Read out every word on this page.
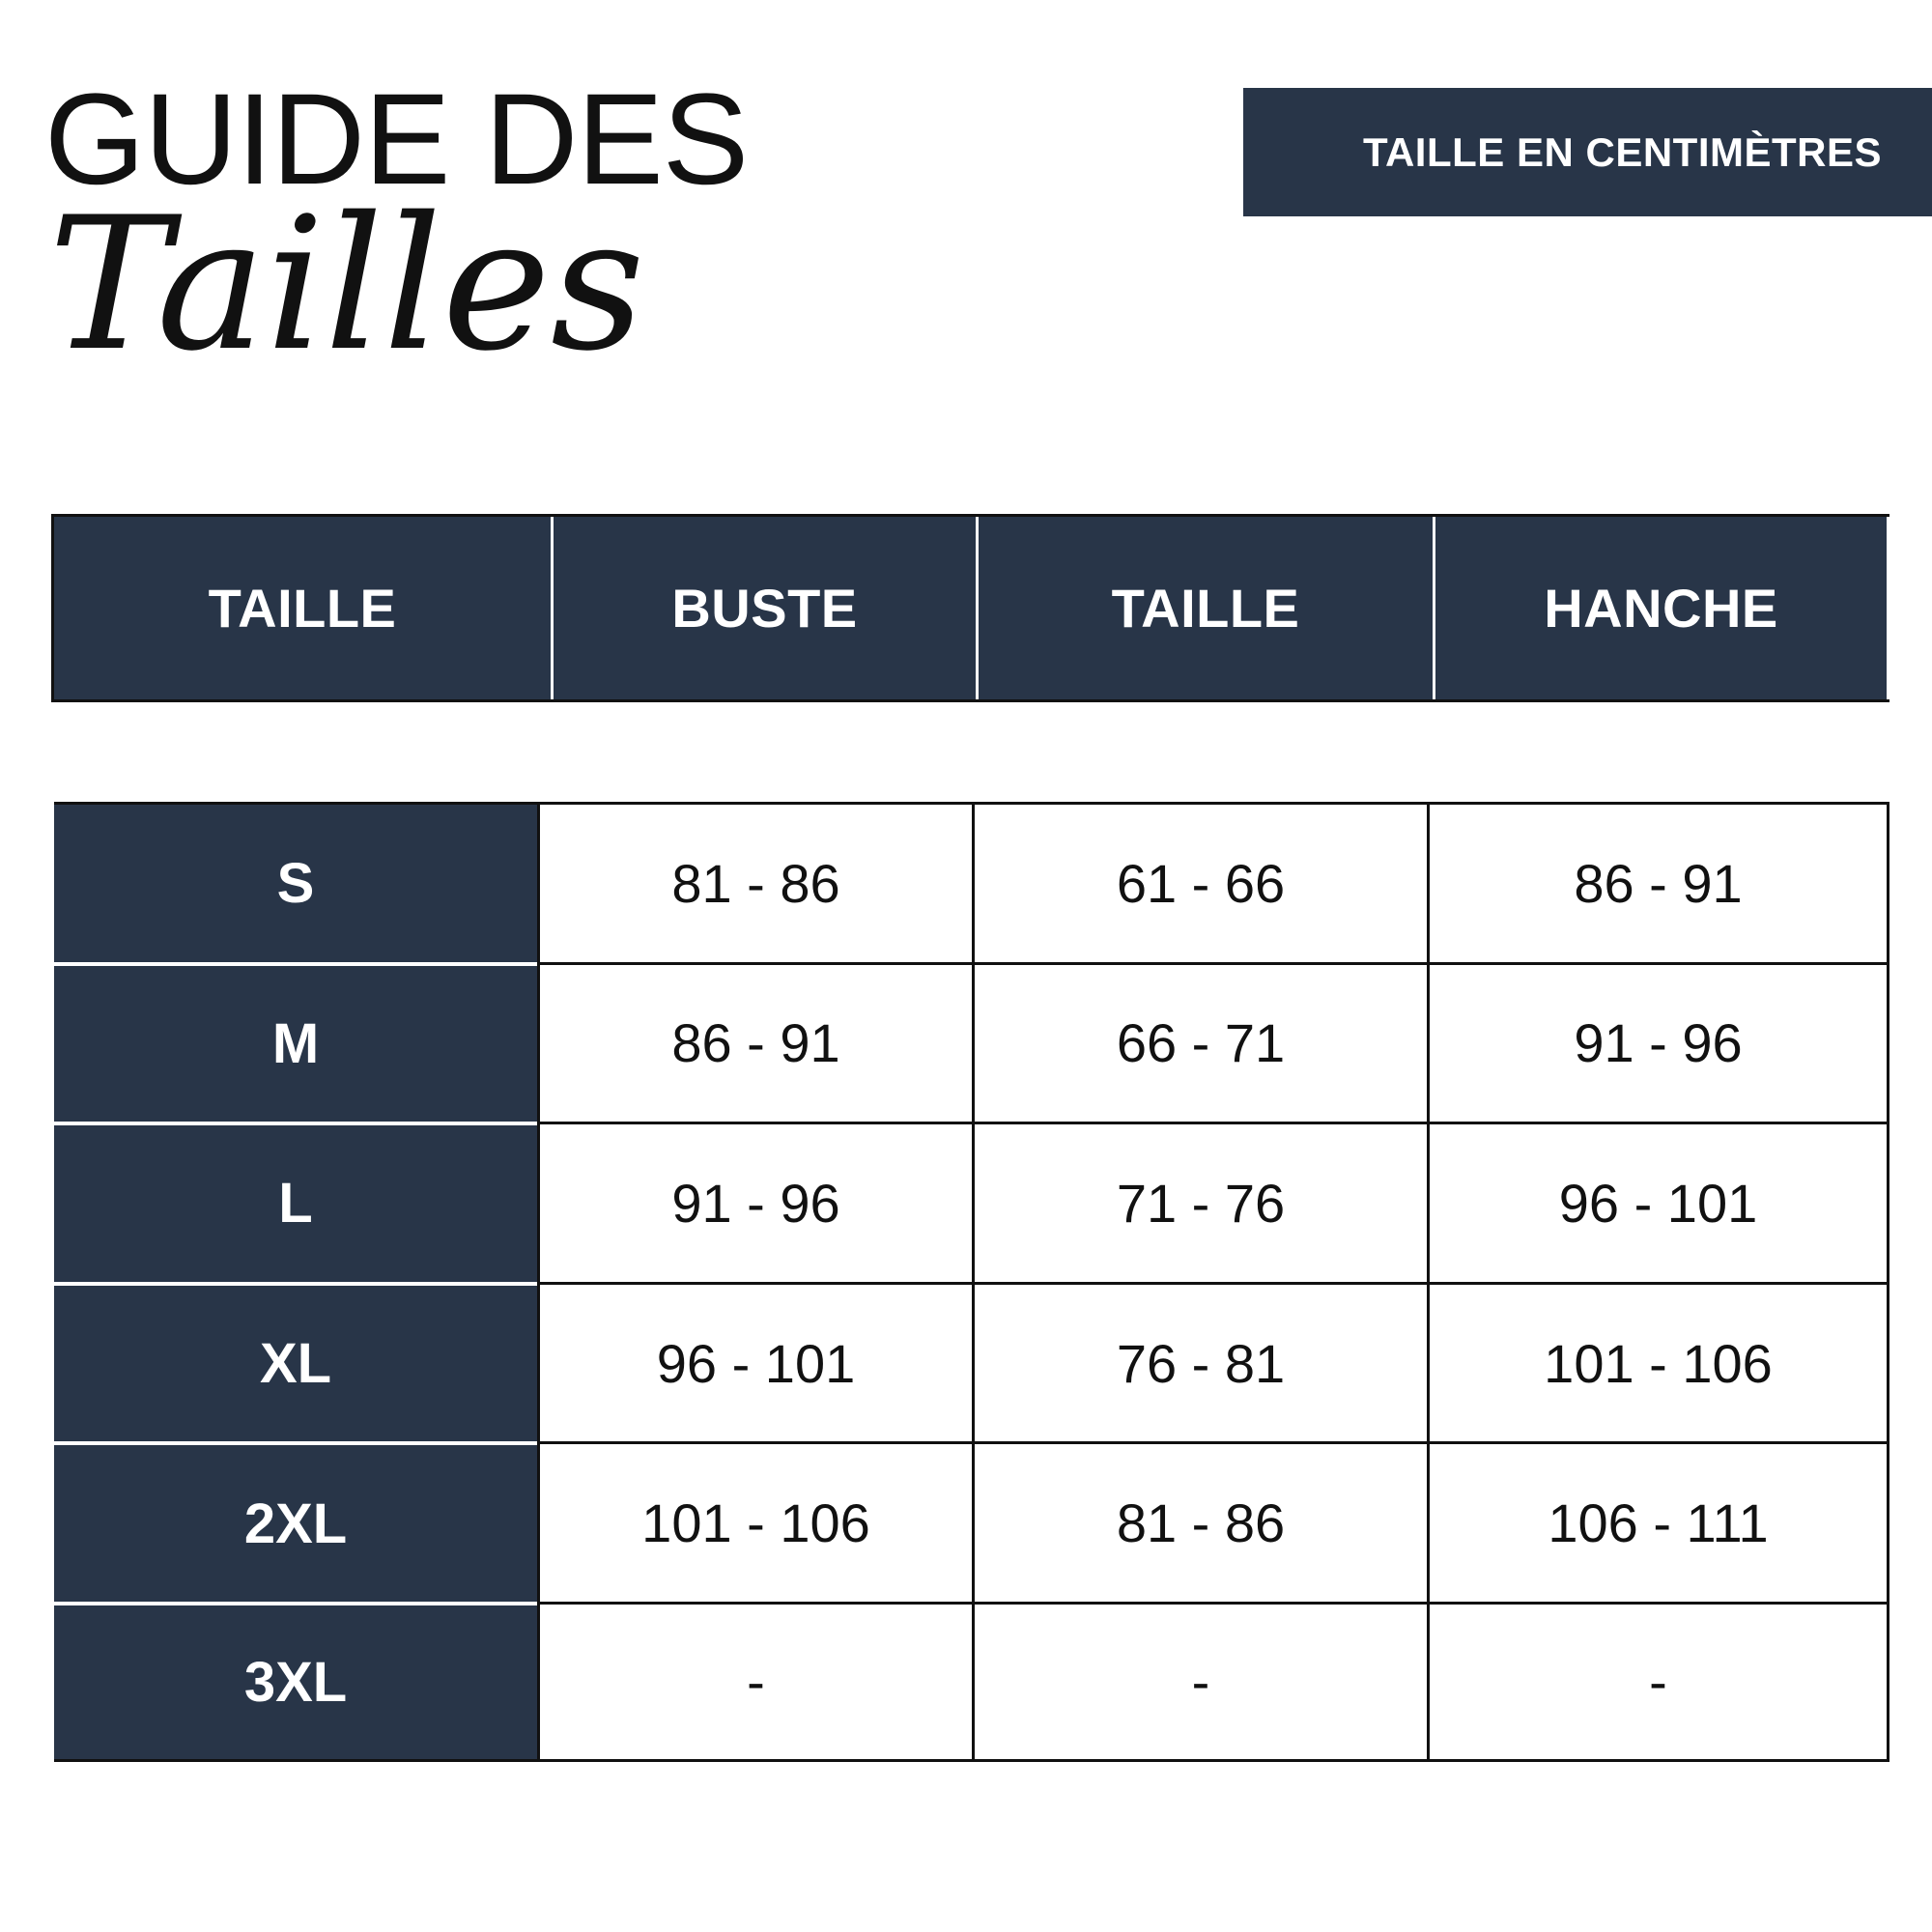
GUIDE DES
Tailles
TAILLE EN CENTIMÈTRES
TAILLE	BUSTE	TAILLE	HANCHE
S	81 - 86	61 - 66	86 - 91
M	86 - 91	66 - 71	91 - 96
L	91 - 96	71 - 76	96 - 101
XL	96 - 101	76 - 81	101 - 106
2XL	101 - 106	81 - 86	106 - 111
3XL	-	-	-
